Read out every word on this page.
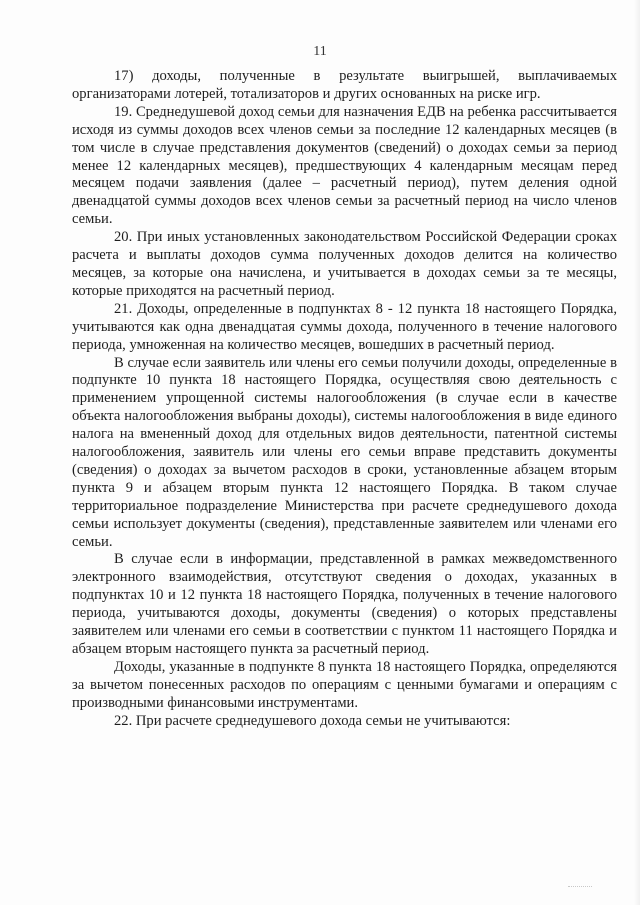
11

17) доходы, полученные в результате выигрышей, выплачиваемых организаторами лотерей, тотализаторов и других основанных на риске игр.

19. Среднедушевой доход семьи для назначения ЕДВ на ребенка рассчитывается исходя из суммы доходов всех членов семьи за последние 12 календарных месяцев (в том числе в случае представления документов (сведений) о доходах семьи за период менее 12 календарных месяцев), предшествующих 4 календарным месяцам перед месяцем подачи заявления (далее – расчетный период), путем деления одной двенадцатой суммы доходов всех членов семьи за расчетный период на число членов семьи.

20. При иных установленных законодательством Российской Федерации сроках расчета и выплаты доходов сумма полученных доходов делится на количество месяцев, за которые она начислена, и учитывается в доходах семьи за те месяцы, которые приходятся на расчетный период.

21. Доходы, определенные в подпунктах 8 - 12 пункта 18 настоящего Порядка, учитываются как одна двенадцатая суммы дохода, полученного в течение налогового периода, умноженная на количество месяцев, вошедших в расчетный период.

В случае если заявитель или члены его семьи получили доходы, определенные в подпункте 10 пункта 18 настоящего Порядка, осуществляя свою деятельность с применением упрощенной системы налогообложения (в случае если в качестве объекта налогообложения выбраны доходы), системы налогообложения в виде единого налога на вмененный доход для отдельных видов деятельности, патентной системы налогообложения, заявитель или члены его семьи вправе представить документы (сведения) о доходах за вычетом расходов в сроки, установленные абзацем вторым пункта 9 и абзацем вторым пункта 12 настоящего Порядка. В таком случае территориальное подразделение Министерства при расчете среднедушевого дохода семьи использует документы (сведения), представленные заявителем или членами его семьи.

В случае если в информации, представленной в рамках межведомственного электронного взаимодействия, отсутствуют сведения о доходах, указанных в подпунктах 10 и 12 пункта 18 настоящего Порядка, полученных в течение налогового периода, учитываются доходы, документы (сведения) о которых представлены заявителем или членами его семьи в соответствии с пунктом 11 настоящего Порядка и абзацем вторым настоящего пункта за расчетный период.

Доходы, указанные в подпункте 8 пункта 18 настоящего Порядка, определяются за вычетом понесенных расходов по операциям с ценными бумагами и операциям с производными финансовыми инструментами.

22. При расчете среднедушевого дохода семьи не учитываются:
